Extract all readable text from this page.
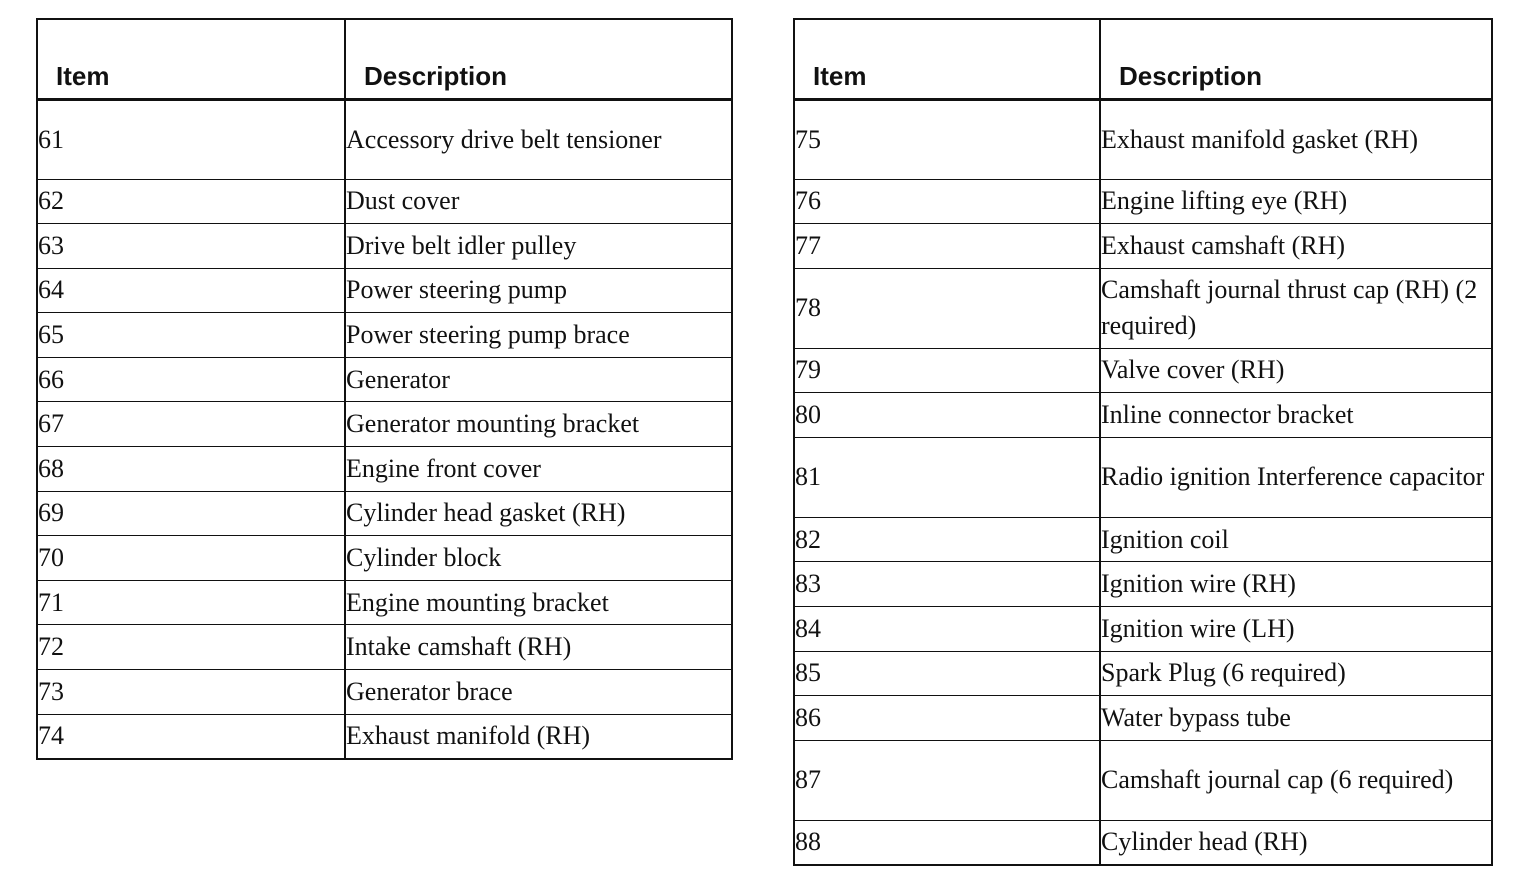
Item	Description
61	Accessory drive belt tensioner
62	Dust cover
63	Drive belt idler pulley
64	Power steering pump
65	Power steering pump brace
66	Generator
67	Generator mounting bracket
68	Engine front cover
69	Cylinder head gasket (RH)
70	Cylinder block
71	Engine mounting bracket
72	Intake camshaft (RH)
73	Generator brace
74	Exhaust manifold (RH)
Item	Description
75	Exhaust manifold gasket (RH)
76	Engine lifting eye (RH)
77	Exhaust camshaft (RH)
78	Camshaft journal thrust cap (RH) (2 required)
79	Valve cover (RH)
80	Inline connector bracket
81	Radio ignition Interference capacitor
82	Ignition coil
83	Ignition wire (RH)
84	Ignition wire (LH)
85	Spark Plug (6 required)
86	Water bypass tube
87	Camshaft journal cap (6 required)
88	Cylinder head (RH)
